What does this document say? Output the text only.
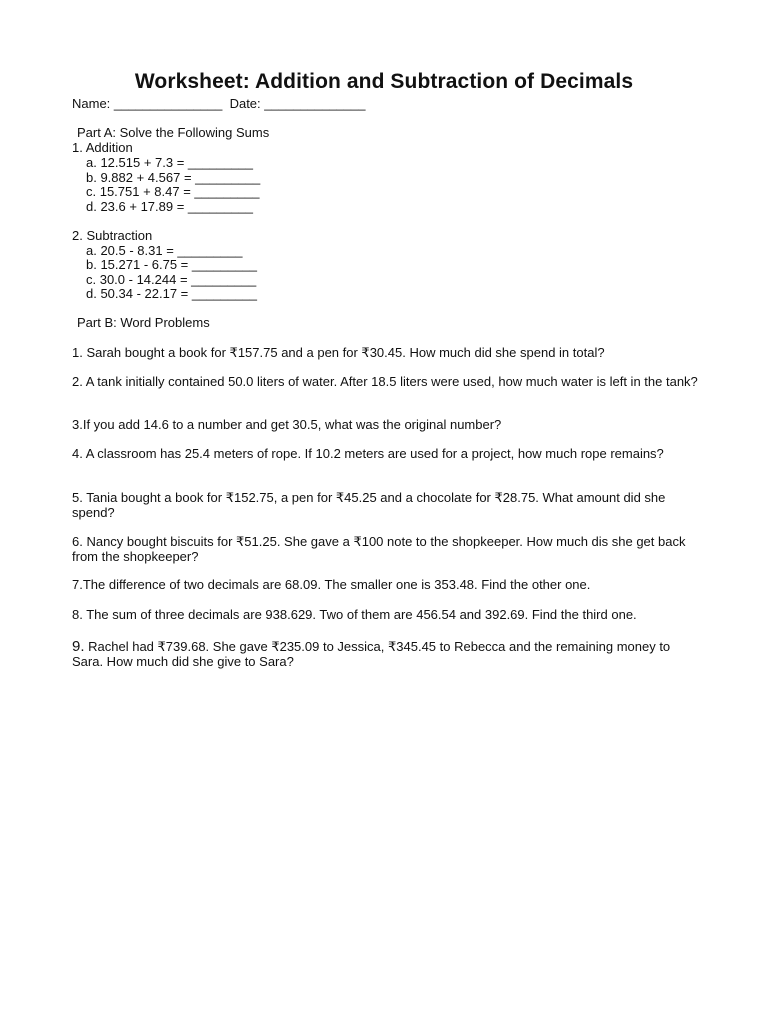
Worksheet: Addition and Subtraction of Decimals
Name: _______________  Date: ______________
Part A: Solve the Following Sums
1. Addition
a. 12.515 + 7.3 = _________
b. 9.882 + 4.567 = _________
c. 15.751 + 8.47 = _________
d. 23.6 + 17.89 = _________
2. Subtraction
a. 20.5 - 8.31 = _________
b. 15.271 - 6.75 = _________
c. 30.0 - 14.244 = _________
d. 50.34 - 22.17 = _________
Part B: Word Problems
1. Sarah bought a book for ₹157.75 and a pen for ₹30.45. How much did she spend in total?
2. A tank initially contained 50.0 liters of water. After 18.5 liters were used, how much water is left in the tank?
3.If you add 14.6 to a number and get 30.5, what was the original number?
4. A classroom has 25.4 meters of rope. If 10.2 meters are used for a project, how much rope remains?
5. Tania bought a book for ₹152.75, a pen for ₹45.25 and a chocolate for ₹28.75. What amount did she spend?
6. Nancy bought biscuits for ₹51.25. She gave a ₹100 note to the shopkeeper. How much dis she get back from the shopkeeper?
7.The difference of two decimals are 68.09. The smaller one is 353.48. Find the other one.
8. The sum of three decimals are 938.629. Two of them are 456.54 and 392.69. Find the third one.
9. Rachel had ₹739.68. She gave ₹235.09 to Jessica, ₹345.45 to Rebecca and the remaining money to Sara. How much did she give to Sara?
